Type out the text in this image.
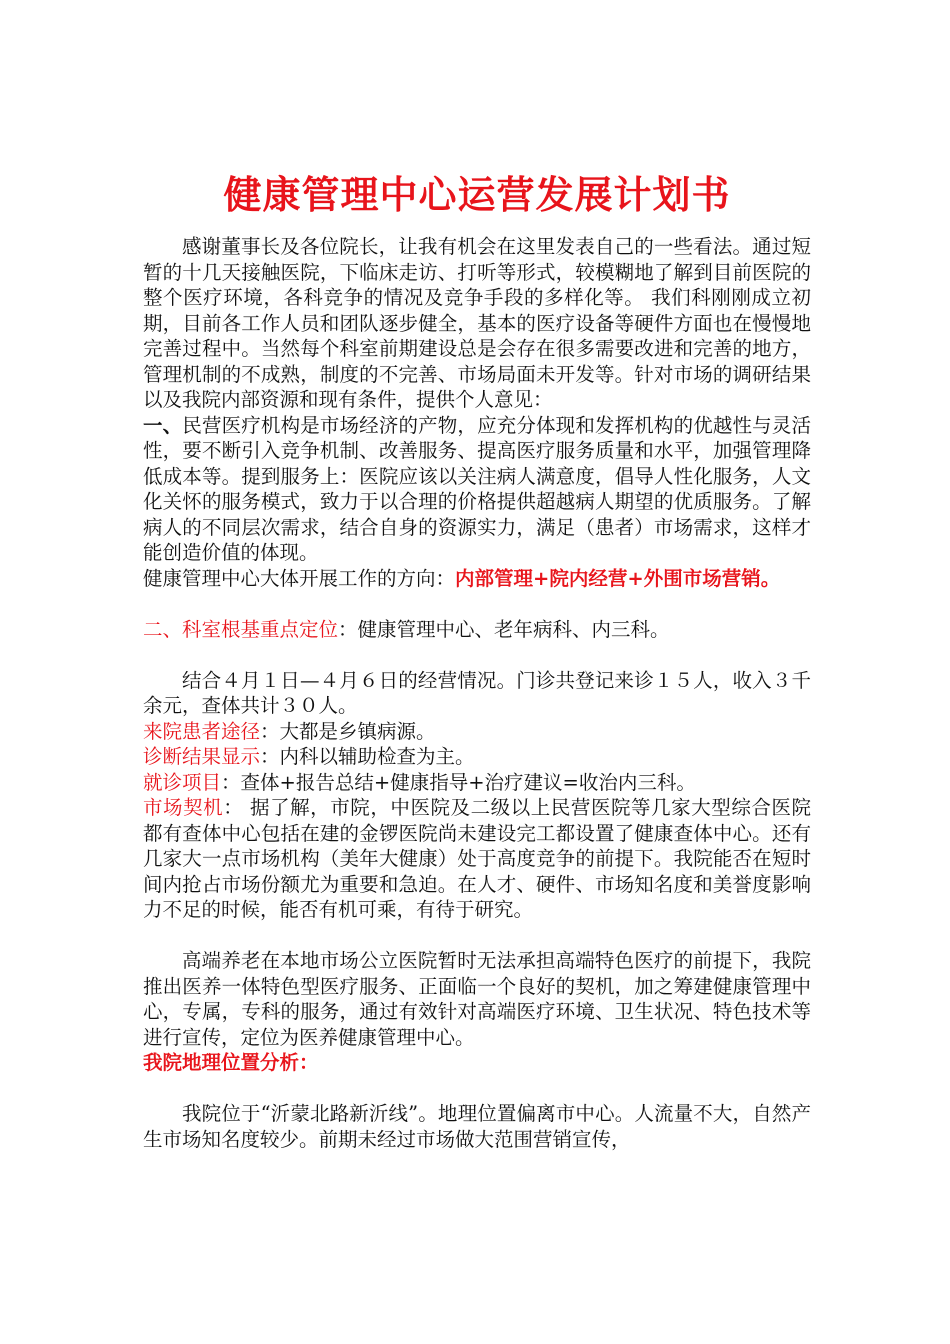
健康管理中心运营发展计划书

感谢董事长及各位院长，让我有机会在这里发表自己的一些看法。通过短暂的十几天接触医院，下临床走访、打听等形式，较模糊地了解到目前医院的整个医疗环境，各科竞争的情况及竞争手段的多样化等。 我们科刚刚成立初期，目前各工作人员和团队逐步健全，基本的医疗设备等硬件方面也在慢慢地完善过程中。当然每个科室前期建设总是会存在很多需要改进和完善的地方，管理机制的不成熟，制度的不完善、市场局面未开发等。针对市场的调研结果以及我院内部资源和现有条件，提供个人意见：

一、民营医疗机构是市场经济的产物，应充分体现和发挥机构的优越性与灵活性，要不断引入竞争机制、改善服务、提高医疗服务质量和水平，加强管理降低成本等。提到服务上：医院应该以关注病人满意度，倡导人性化服务，人文化关怀的服务模式，致力于以合理的价格提供超越病人期望的优质服务。了解病人的不同层次需求，结合自身的资源实力，满足（患者）市场需求，这样才能创造价值的体现。

健康管理中心大体开展工作的方向：内部管理+院内经营+外围市场营销。

二、科室根基重点定位：健康管理中心、老年病科、内三科。

结合４月１日—４月６日的经营情况。门诊共登记来诊１５人，收入３千余元，查体共计３０人。

来院患者途径：大都是乡镇病源。

诊断结果显示：内科以辅助检查为主。

就诊项目：查体+报告总结+健康指导+治疗建议=收治内三科。

市场契机： 据了解，市院，中医院及二级以上民营医院等几家大型综合医院都有查体中心包括在建的金锣医院尚未建设完工都设置了健康查体中心。还有几家大一点市场机构（美年大健康）处于高度竞争的前提下。我院能否在短时间内抢占市场份额尤为重要和急迫。在人才、硬件、市场知名度和美誉度影响力不足的时候，能否有机可乘，有待于研究。

高端养老在本地市场公立医院暂时无法承担高端特色医疗的前提下，我院推出医养一体特色型医疗服务、正面临一个良好的契机，加之筹建健康管理中心，专属，专科的服务，通过有效针对高端医疗环境、卫生状况、特色技术等进行宣传，定位为医养健康管理中心。

我院地理位置分析：

我院位于“沂蒙北路新沂线”。地理位置偏离市中心。人流量不大，自然产生市场知名度较少。前期未经过市场做大范围营销宣传，
